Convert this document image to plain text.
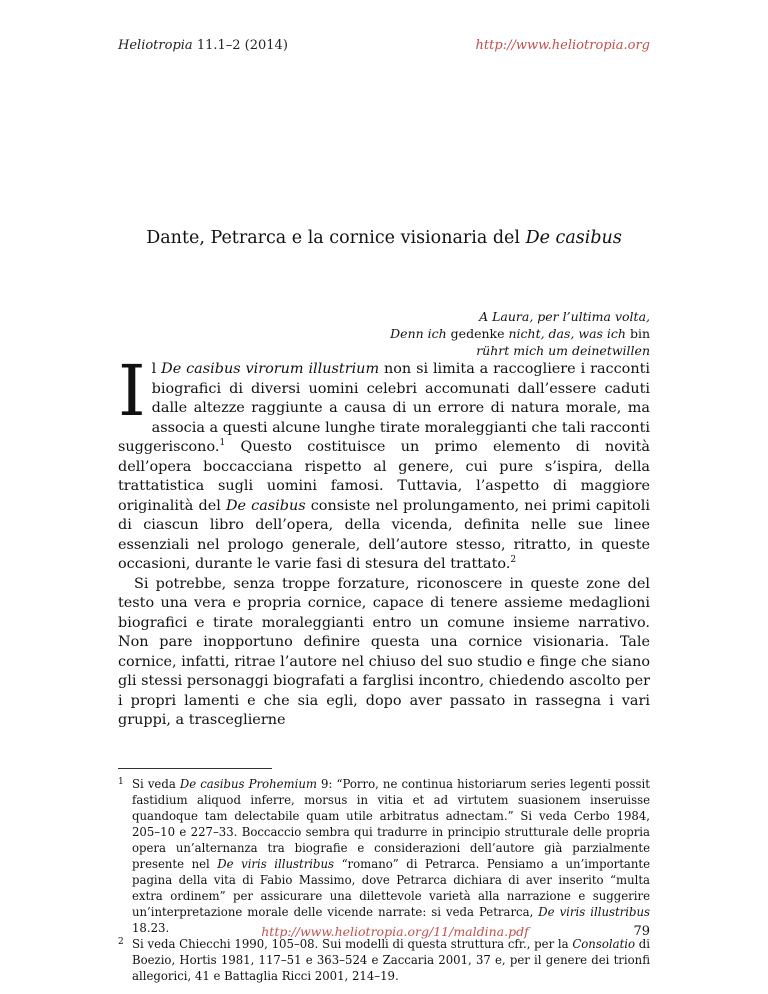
Heliotropia 11.1–2 (2014)	http://www.heliotropia.org
Dante, Petrarca e la cornice visionaria del De casibus
A Laura, per l’ultima volta,
Denn ich gedenke nicht, das, was ich bin
rührt mich um deinetwillen

Il De casibus virorum illustrium non si limita a raccogliere i racconti biografici di diversi uomini celebri accomunati dall’essere caduti dalle altezze raggiunte a causa di un errore di natura morale, ma associa a questi alcune lunghe tirate moraleggianti che tali racconti suggeriscono.$^1$ Questo costituisce un primo elemento di novità dell’opera boccacciana rispetto al genere, cui pure s’ispira, della trattatistica sugli uomini famosi. Tuttavia, l’aspetto di maggiore originalità del De casibus consiste nel prolungamento, nei primi capitoli di ciascun libro dell’opera, della vicenda, definita nelle sue linee essenziali nel prologo generale, dell’autore stesso, ritratto, in queste occasioni, durante le varie fasi di stesura del trattato.$^2$

Si potrebbe, senza troppe forzature, riconoscere in queste zone del testo una vera e propria cornice, capace di tenere assieme medaglioni biografici e tirate moraleggianti entro un comune insieme narrativo. Non pare inopportuno definire questa una cornice visionaria. Tale cornice, infatti, ritrae l’autore nel chiuso del suo studio e finge che siano gli stessi personaggi biografati a farglisi incontro, chiedendo ascolto per i propri lamenti e che sia egli, dopo aver passato in rassegna i vari gruppi, a trasceglierne

1 Si veda De casibus Prohemium 9: “Porro, ne continua historiarum series legenti possit fastidium aliquod inferre, morsus in vitia et ad virtutem suasionem inseruisse quandoque tam delectabile quam utile arbitratus adnectam.” Si veda Cerbo 1984, 205–10 e 227–33. Boccaccio sembra qui tradurre in principio strutturale delle propria opera un’alternanza tra biografie e considerazioni dell’autore già parzialmente presente nel De viris illustribus “romano” di Petrarca. Pensiamo a un’importante pagina della vita di Fabio Massimo, dove Petrarca dichiara di aver inserito “multa extra ordinem” per assicurare una dilettevole varietà alla narrazione e suggerire un’interpretazione morale delle vicende narrate: si veda Petrarca, De viris illustribus 18.23.

2 Si veda Chiecchi 1990, 105–08. Sui modelli di questa struttura cfr., per la Consolatio di Boezio, Hortis 1981, 117–51 e 363–524 e Zaccaria 2001, 37 e, per il genere dei trionfi allegorici, 41 e Battaglia Ricci 2001, 214–19.

http://www.heliotropia.org/11/maldina.pdf	79
